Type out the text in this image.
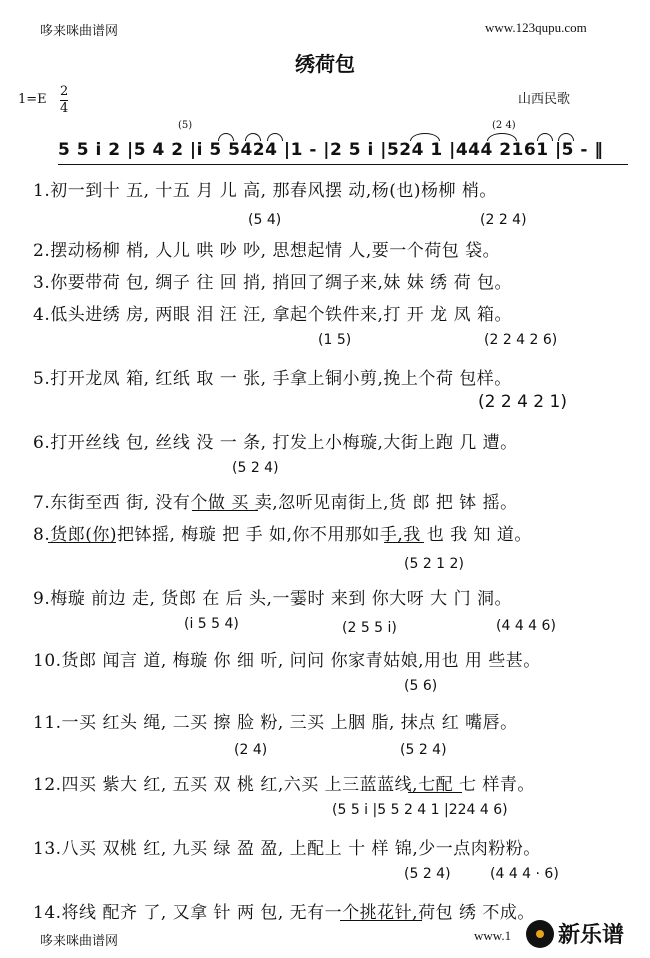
哆来咪曲谱网	www.123qupu.com
绣荷包
1=E
2
4
山西民歌
(5)	(2 4)
5 5 i 2 |5 4 2 |i 5 5424 |1 - |2 5 i |524 1 |444 2161 |5 - ‖
1.初一到十 五, 十五 月 儿 高, 那春风摆 动,杨(也)杨柳 梢。
(5 4)	(2 2 4)
2.摆动杨柳 梢, 人儿 哄 吵 吵, 思想起情 人,要一个荷包 袋。
3.你要带荷 包, 绸子 往 回 捎, 捎回了绸子来,妹 妹 绣 荷 包。
4.低头进绣 房, 两眼 泪 汪 汪, 拿起个铁件来,打 开 龙 凤 箱。
(1 5)	(2 2 4 2 6)
5.打开龙凤 箱, 红纸 取 一 张, 手拿上铜小剪,挽上个荷 包样。
(2 2 4 2 1)
6.打开丝线 包, 丝线 没 一 条, 打发上小梅璇,大街上跑 几 遭。
(5 2 4)
7.东街至西 街, 没有个做 买 卖,忽听见南街上,货 郎 把 钵 摇。
8.货郎(你)把钵摇, 梅璇 把 手 如,你不用那如手,我 也 我 知 道。
(5 2 1 2)
9.梅璇 前边 走, 货郎 在 后 头,一霎时 来到 你大呀 大 门 洞。
(i 5 5 4)	(2 5 5 i)	(4 4 4 6)
10.货郎 闻言 道, 梅璇 你 细 听, 问问 你家青姑娘,用也 用 些甚。
(5 6)
11.一买 红头 绳, 二买 擦 脸 粉, 三买 上胭 脂, 抹点 红 嘴唇。
(2 4)	(5 2 4)
12.四买 紫大 红, 五买 双 桃 红,六买 上三蓝蓝线,七配 七 样青。
(5 5 i |5 5 2 4 1 |224 4 6)
13.八买 双桃 红, 九买 绿 盈 盈, 上配上 十 样 锦,少一点肉粉粉。
(5 2 4)	(4 4 4 · 6)
14.将线 配齐 了, 又拿 针 两 包, 无有一个挑花针,荷包 绣 不成。
哆来咪曲谱网	www.1 新乐谱
